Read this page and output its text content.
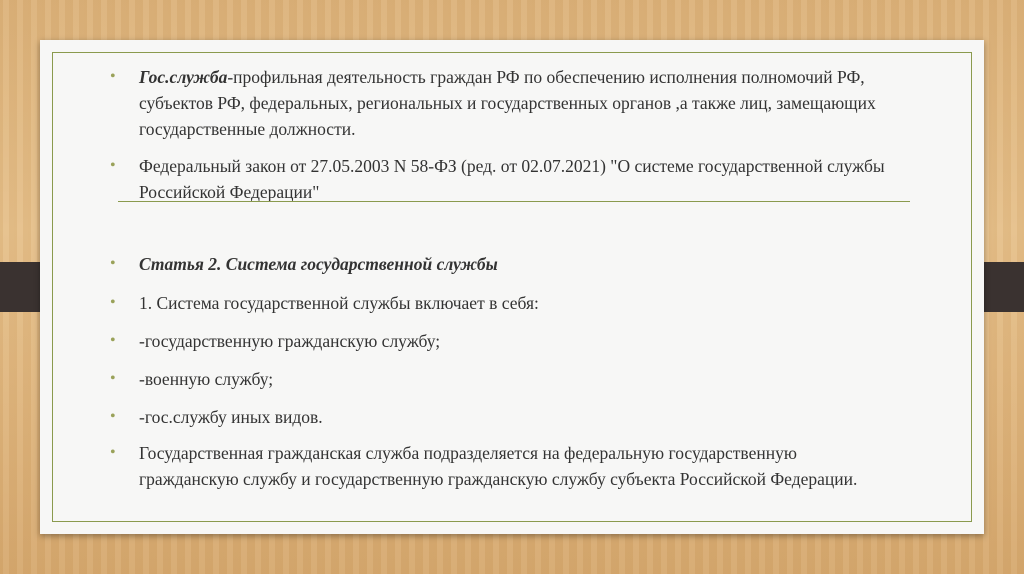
• Гос.служба-профильная деятельность граждан РФ по обеспечению исполнения полномочий РФ, субъектов РФ, федеральных, региональных и государственных органов ,а также лиц, замещающих государственные должности.
• Федеральный закон от 27.05.2003 N 58-ФЗ (ред. от 02.07.2021) "О системе государственной службы Российской Федерации"
• Статья 2. Система государственной службы
• 1. Система государственной службы включает в себя:
• -государственную гражданскую службу;
• -военную службу;
• -гос.службу иных видов.
• Государственная гражданская служба подразделяется на федеральную государственную гражданскую службу и государственную гражданскую службу субъекта Российской Федерации.
